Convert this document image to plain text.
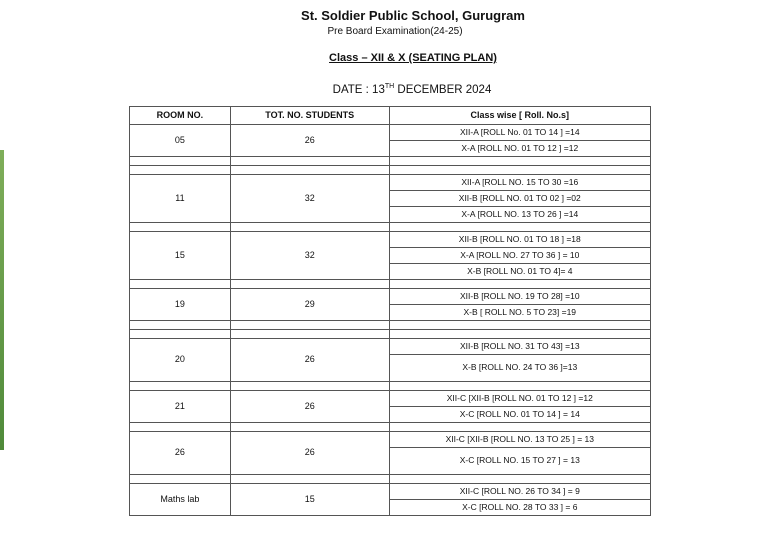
St. Soldier Public School, Gurugram
Pre Board Examination(24-25)
Class – XII & X (SEATING PLAN)
DATE : 13TH DECEMBER 2024
ROOM NO.	TOT. NO. STUDENTS	Class wise [ Roll. No.s]
05	26	XII-A [ROLL No. 01 TO 14 ] =14
		X-A [ROLL NO. 01 TO 12 ] =12

11	32	XII-A [ROLL NO. 15 TO 30 =16
		XII-B [ROLL NO. 01 TO 02 ] =02
		X-A [ROLL NO. 13 TO 26 ] =14

15	32	XII-B [ROLL NO. 01 TO 18 ] =18
		X-A [ROLL NO. 27 TO 36 ] = 10
		X-B [ROLL NO. 01 TO 4]= 4

19	29	XII-B [ROLL NO. 19 TO 28] =10
		X-B [ ROLL NO. 5 TO 23] =19

20	26	XII-B [ROLL NO. 31 TO 43] =13
		X-B [ROLL NO. 24 TO 36 ]=13

21	26	XII-C [XII-B [ROLL NO. 01 TO 12 ] =12
		X-C [ROLL NO. 01 TO 14 ] = 14

26	26	XII-C [XII-B [ROLL NO. 13 TO 25 ] = 13
		X-C [ROLL NO. 15 TO 27 ] = 13

Maths lab	15	XII-C [ROLL NO. 26 TO 34 ] = 9
		X-C [ROLL NO. 28 TO 33 ] = 6
